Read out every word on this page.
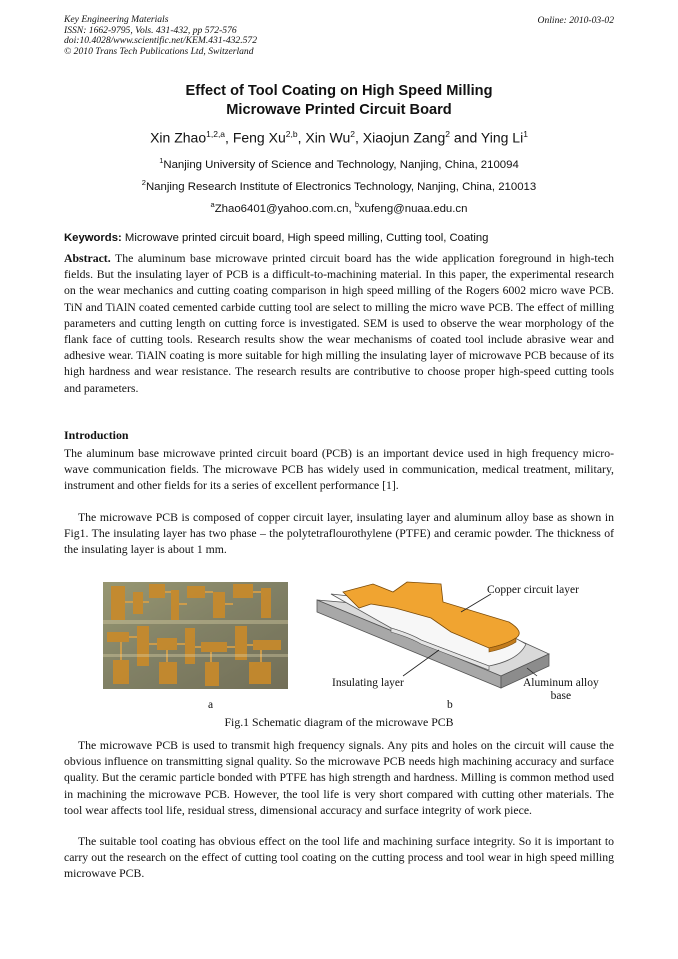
Key Engineering Materials
ISSN: 1662-9795, Vols. 431-432, pp 572-576
doi:10.4028/www.scientific.net/KEM.431-432.572
© 2010 Trans Tech Publications Ltd, Switzerland
Online: 2010-03-02
Effect of Tool Coating on High Speed Milling
Microwave Printed Circuit Board
Xin Zhao$^{1,2,a}$, Feng Xu$^{2,b}$, Xin Wu$^2$, Xiaojun Zang$^2$ and Ying Li$^1$
$^1$Nanjing University of Science and Technology, Nanjing, China, 210094
$^2$Nanjing Research Institute of Electronics Technology, Nanjing, China, 210013
$^a$Zhao6401@yahoo.com.cn, $^b$xufeng@nuaa.edu.cn
Keywords: Microwave printed circuit board, High speed milling, Cutting tool, Coating

Abstract. The aluminum base microwave printed circuit board has the wide application foreground in high-tech fields. But the insulating layer of PCB is a difficult-to-machining material. In this paper, the experimental research on the wear mechanics and cutting coating comparison in high speed milling of the Rogers 6002 micro wave PCB. TiN and TiAlN coated cemented carbide cutting tool are select to milling the micro wave PCB. The effect of milling parameters and cutting length on cutting force is investigated. SEM is used to observe the wear morphology of the flank face of cutting tools. Research results show the wear mechanisms of coated tool include abrasive wear and adhesive wear. TiAlN coating is more suitable for high milling the insulating layer of microwave PCB because of its high hardness and wear resistance. The research results are contributive to choose proper high-speed cutting tools and parameters.

Introduction

The aluminum base microwave printed circuit board (PCB) is an important device used in high frequency micro-wave communication fields. The microwave PCB has widely used in communication, medical treatment, military, instrument and other fields for its a series of excellent performance [1].

The microwave PCB is composed of copper circuit layer, insulating layer and aluminum alloy base as shown in Fig1. The insulating layer has two phase – the polytetraflourothylene (PTFE) and ceramic powder. The thickness of the insulating layer is about 1 mm.

Copper circuit layer
Insulating layer	Aluminum alloy
base
a	b
Fig.1 Schematic diagram of the microwave PCB

The microwave PCB is used to transmit high frequency signals. Any pits and holes on the circuit will cause the obvious influence on transmitting signal quality. So the microwave PCB needs high machining accuracy and surface quality. But the ceramic particle bonded with PTFE has high strength and hardness. Milling is common method used in machining the microwave PCB. However, the tool life is very short compared with cutting other materials. The tool wear affects tool life, residual stress, dimensional accuracy and surface integrity of work piece.

The suitable tool coating has obvious effect on the tool life and machining surface integrity. So it is important to carry out the research on the effect of cutting tool coating on the cutting process and tool wear in high speed milling microwave PCB.
